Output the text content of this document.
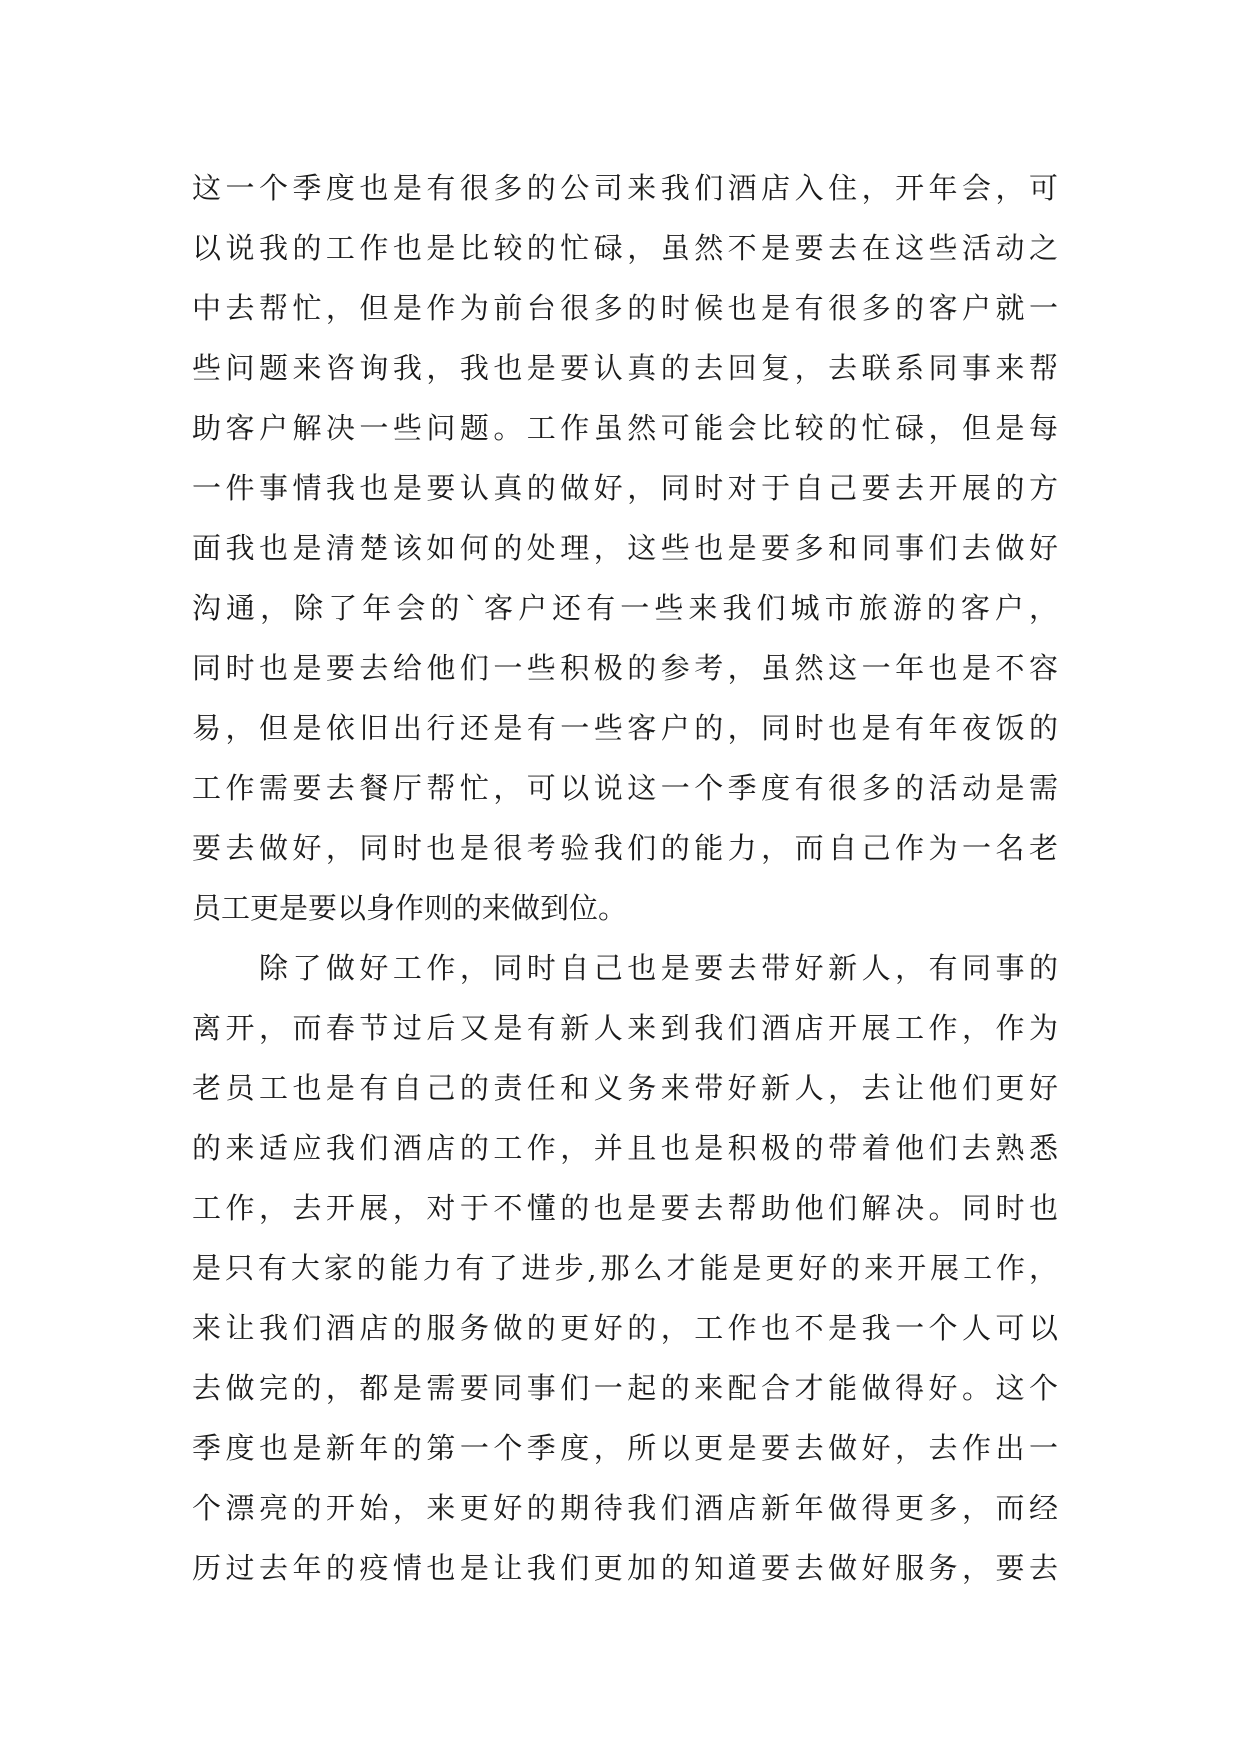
这一个季度也是有很多的公司来我们酒店入住，开年会，可
以说我的工作也是比较的忙碌，虽然不是要去在这些活动之
中去帮忙，但是作为前台很多的时候也是有很多的客户就一
些问题来咨询我，我也是要认真的去回复，去联系同事来帮
助客户解决一些问题。工作虽然可能会比较的忙碌，但是每
一件事情我也是要认真的做好，同时对于自己要去开展的方
面我也是清楚该如何的处理，这些也是要多和同事们去做好
沟通，除了年会的`客户还有一些来我们城市旅游的客户，
同时也是要去给他们一些积极的参考，虽然这一年也是不容
易，但是依旧出行还是有一些客户的，同时也是有年夜饭的
工作需要去餐厅帮忙，可以说这一个季度有很多的活动是需
要去做好，同时也是很考验我们的能力，而自己作为一名老
员工更是要以身作则的来做到位。
　　除了做好工作，同时自己也是要去带好新人，有同事的
离开，而春节过后又是有新人来到我们酒店开展工作，作为
老员工也是有自己的责任和义务来带好新人，去让他们更好
的来适应我们酒店的工作，并且也是积极的带着他们去熟悉
工作，去开展，对于不懂的也是要去帮助他们解决。同时也
是只有大家的能力有了进步,那么才能是更好的来开展工作，
来让我们酒店的服务做的更好的，工作也不是我一个人可以
去做完的，都是需要同事们一起的来配合才能做得好。这个
季度也是新年的第一个季度，所以更是要去做好，去作出一
个漂亮的开始，来更好的期待我们酒店新年做得更多，而经
历过去年的疫情也是让我们更加的知道要去做好服务，要去
